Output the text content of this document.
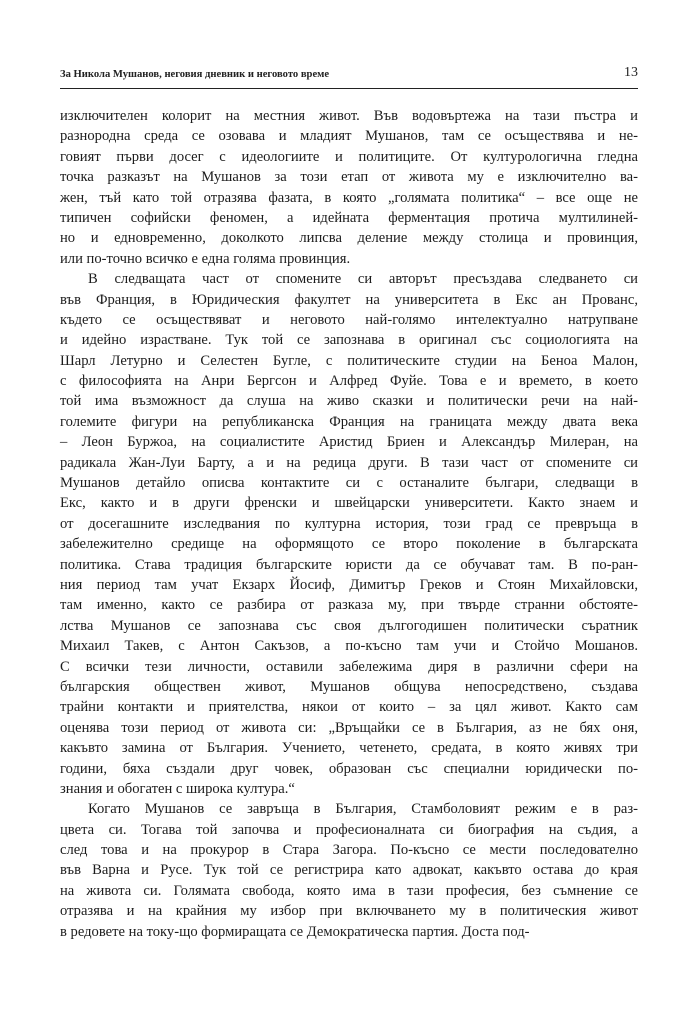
За Никола Мушанов, неговия дневник и неговото време	13
изключителен колорит на местния живот. Във водовъртежа на тази пъстра и
разнородна среда се озовава и младият Мушанов, там се осъществява и не-
говият първи досег с идеологиите и политиците. От културологична гледна
точка разказът на Мушанов за този етап от живота му е изключително ва-
жен, тъй като той отразява фазата, в която „голямата политика“ – все още не
типичен софийски феномен, а идейната ферментация протича мултилиней-
но и едновременно, доколкото липсва деление между столица и провинция,
или по-точно всичко е една голяма провинция.
В следващата част от спомените си авторът пресъздава следването си
във Франция, в Юридическия факултет на университета в Екс ан Прованс,
където се осъществяват и неговото най-голямо интелектуално натрупване
и идейно израстване. Тук той се запознава в оригинал със социологията на
Шарл Летурно и Селестен Бугле, с политическите студии на Беноа Малон,
с философията на Анри Бергсон и Алфред Фуйе. Това е и времето, в което
той има възможност да слуша на живо сказки и политически речи на най-
големите фигури на републиканска Франция на границата между двата века
– Леон Буржоа, на социалистите Аристид Бриен и Александър Милеран, на
радикала Жан-Луи Барту, а и на редица други. В тази част от спомените си
Мушанов детайло описва контактите си с останалите българи, следващи в
Екс, както и в други френски и швейцарски университети. Както знаем и
от досегашните изследвания по културна история, този град се превръща в
забележително средище на оформящото се второ поколение в българската
политика. Става традиция българските юристи да се обучават там. В по-ран-
ния период там учат Екзарх Йосиф, Димитър Греков и Стоян Михайловски,
там именно, както се разбира от разказа му, при твърде странни обстояте-
лства Мушанов се запознава със своя дългогодишен политически съратник
Михаил Такев, с Антон Сакъзов, а по-късно там учи и Стойчо Мошанов.
С всички тези личности, оставили забележима диря в различни сфери на
българския обществен живот, Мушанов общува непосредствено, създава
трайни контакти и приятелства, някои от които – за цял живот. Както сам
оценява този период от живота си: „Връщайки се в България, аз не бях оня,
какъвто замина от България. Учението, четенето, средата, в която живях три
години, бяха създали друг човек, образован със специални юридически по-
знания и обогатен с широка култура.“
Когато Мушанов се завръща в България, Стамболовият режим е в раз-
цвета си. Тогава той започва и професионалната си биография на съдия, а
след това и на прокурор в Стара Загора. По-късно се мести последователно
във Варна и Русе. Тук той се регистрира като адвокат, какъвто остава до края
на живота си. Голямата свобода, която има в тази професия, без съмнение се
отразява и на крайния му избор при включването му в политическия живот
в редовете на току-що формиращата се Демократическа партия. Доста под-
